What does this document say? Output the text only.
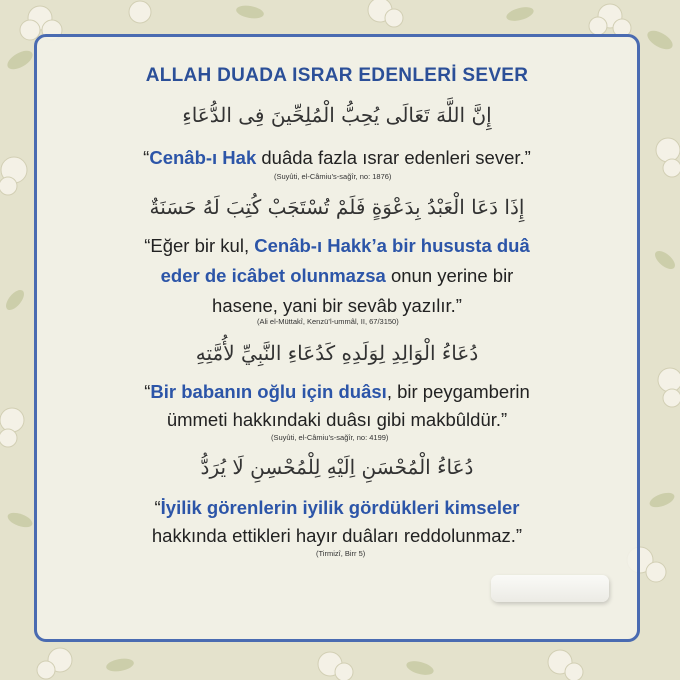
ALLAH DUADA ISRAR EDENLERİ SEVER
إِنَّ اللَّهَ تَعَالَى يُحِبُّ الْمُلِحِّينَ فِى الدُّعَاءِ
“Cenâb-ı Hak duâda fazla ısrar edenleri sever.”
(Suyûti, el-Câmiu’s-sağîr, no: 1876)
إِذَا دَعَا الْعَبْدُ بِدَعْوَةٍ فَلَمْ تُسْتَجَبْ كُتِبَ لَهُ حَسَنَةٌ
“Eğer bir kul, Cenâb-ı Hakk’a bir hususta duâ
eder de icâbet olunmazsa onun yerine bir
hasene, yani bir sevâb yazılır.”
(Ali el-Müttakî, Kenzü’l-ummâl, II, 67/3150)
دُعَاءُ الْوَالِدِ لِوَلَدِهِ كَدُعَاءِ النَّبِيِّ لأُمَّتِهِ
“Bir babanın oğlu için duâsı, bir peygamberin
ümmeti hakkındaki duâsı gibi makbûldür.”
(Suyûti, el-Câmiu’s-sağîr, no: 4199)
دُعَاءُ الْمُحْسَنِ اِلَيْهِ لِلْمُحْسِنِ لَا يُرَدُّ
“İyilik görenlerin iyilik gördükleri kimseler
hakkında ettikleri hayır duâları reddolunmaz.”
(Tirmizî, Birr 5)
